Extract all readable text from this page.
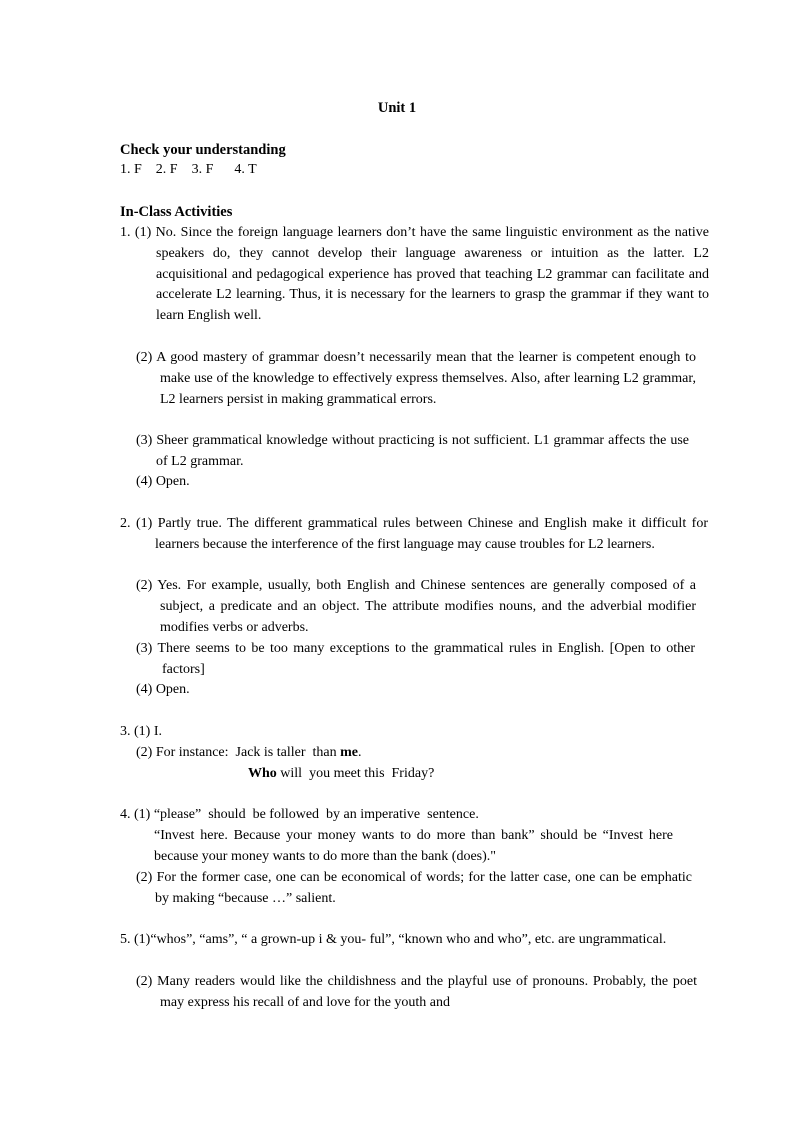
Unit 1
Check your understanding
1. F    2. F    3. F      4. T
In-Class Activities

1. (1) No. Since the foreign language learners don’t have the same linguistic environment as the native speakers do, they cannot develop their language awareness or intuition as the latter. L2 acquisitional and pedagogical experience has proved that teaching L2 grammar can facilitate and accelerate L2 learning. Thus, it is necessary for the learners to grasp the grammar if they want to learn English well.

(2) A good mastery of grammar doesn’t necessarily mean that the learner is competent enough to make use of the knowledge to effectively express themselves. Also, after learning L2 grammar, L2 learners persist in making grammatical errors.

(3) Sheer grammatical knowledge without practicing is not sufficient. L1 grammar affects the use of L2 grammar.

(4) Open.

2. (1) Partly true. The different grammatical rules between Chinese and English make it difficult for learners because the interference of the first language may cause troubles for L2 learners.

(2) Yes. For example, usually, both English and Chinese sentences are generally composed of a subject, a predicate and an object. The attribute modifies nouns, and the adverbial modifier modifies verbs or adverbs.

(3) There seems to be too many exceptions to the grammatical rules in English. [Open to other factors]

(4) Open.

3. (1) I.
(2) For instance:  Jack is taller  than me.
Who will  you meet this  Friday?
4. (1) “please”  should  be followed  by an imperative  sentence.

“Invest here. Because your money wants to do more than bank” should be “Invest here because your money wants to do more than the bank (does)."

(2) For the former case, one can be economical of words; for the latter case, one can be emphatic by making “because …” salient.

5. (1)“whos”, “ams”, “ a grown-up i & you- ful”, “known who and who”, etc. are ungrammatical.

(2) Many readers would like the childishness and the playful use of pronouns. Probably, the poet may express his recall of and love for the youth and
